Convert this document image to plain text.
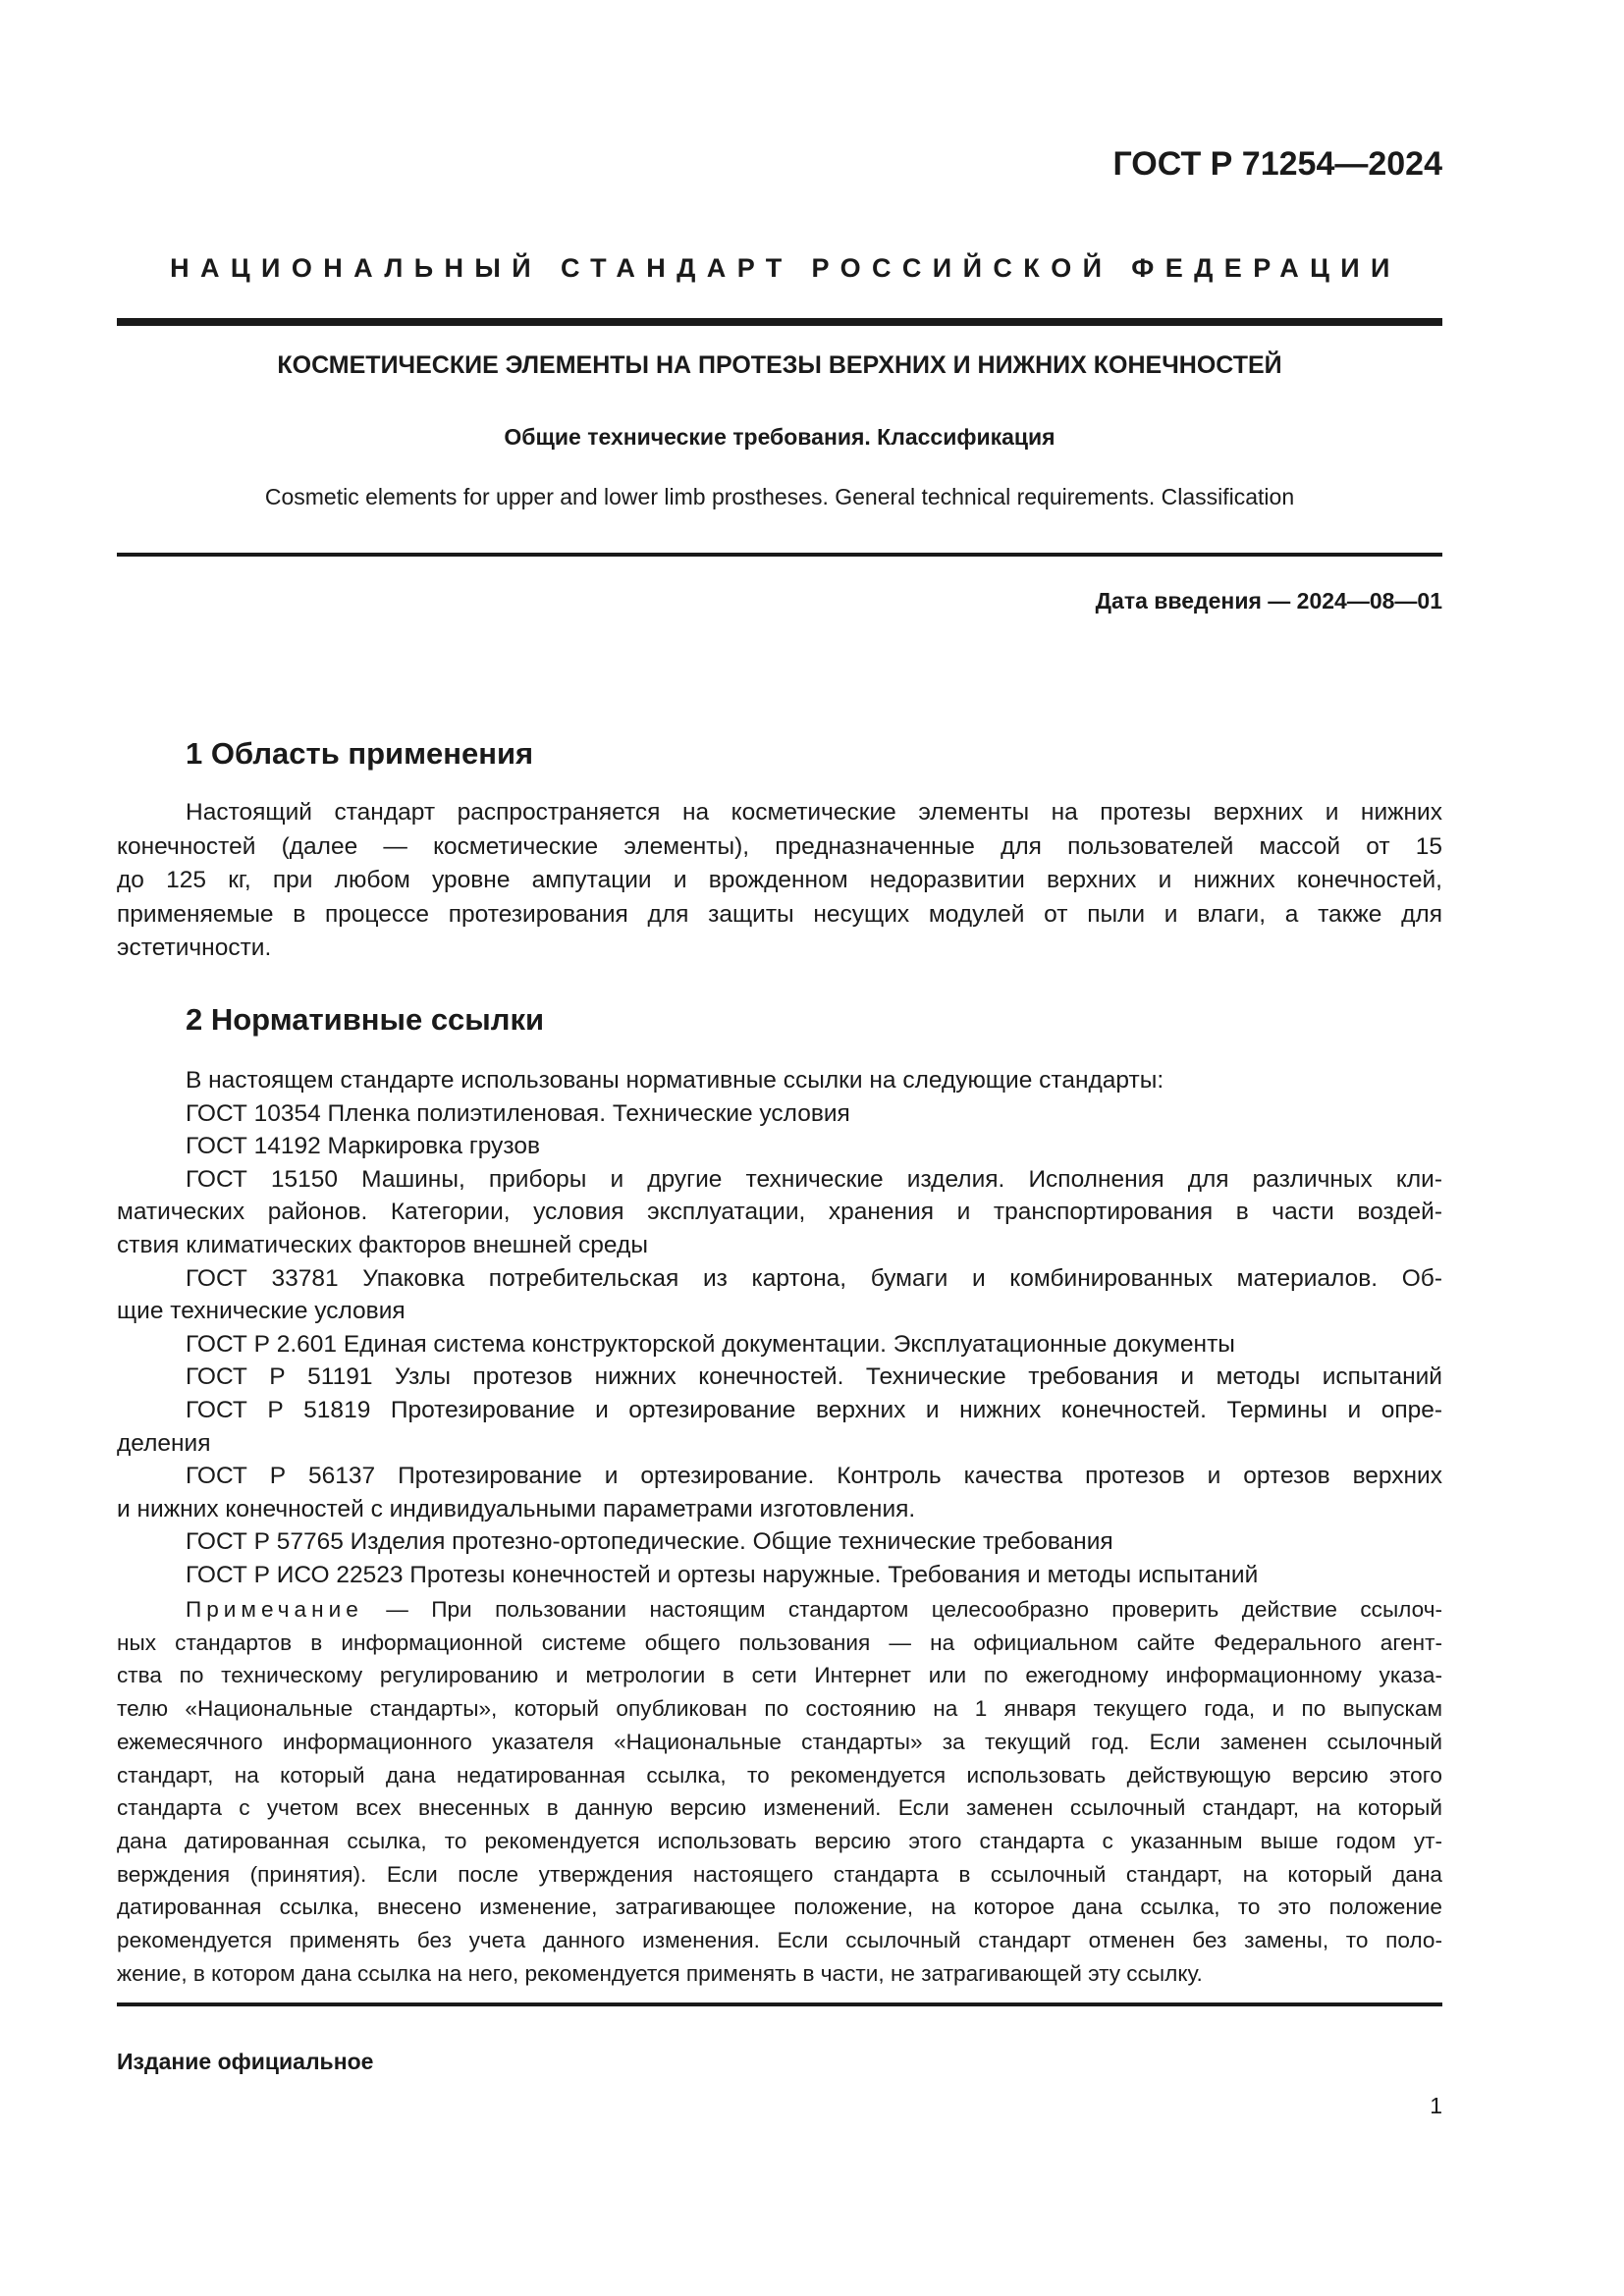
ГОСТ Р 71254—2024
НАЦИОНАЛЬНЫЙ СТАНДАРТ РОССИЙСКОЙ ФЕДЕРАЦИИ
КОСМЕТИЧЕСКИЕ ЭЛЕМЕНТЫ НА ПРОТЕЗЫ ВЕРХНИХ И НИЖНИХ КОНЕЧНОСТЕЙ
Общие технические требования. Классификация
Cosmetic elements for upper and lower limb prostheses. General technical requirements. Classification
Дата введения — 2024—08—01
1 Область применения
Настоящий стандарт распространяется на косметические элементы на протезы верхних и нижних
конечностей (далее — косметические элементы), предназначенные для пользователей массой от 15
до 125 кг, при любом уровне ампутации и врожденном недоразвитии верхних и нижних конечностей,
применяемые в процессе протезирования для защиты несущих модулей от пыли и влаги, а также для
эстетичности.
2 Нормативные ссылки
В настоящем стандарте использованы нормативные ссылки на следующие стандарты:
ГОСТ 10354 Пленка полиэтиленовая. Технические условия
ГОСТ 14192 Маркировка грузов
ГОСТ 15150 Машины, приборы и другие технические изделия. Исполнения для различных кли-
матических районов. Категории, условия эксплуатации, хранения и транспортирования в части воздей-
ствия климатических факторов внешней среды
ГОСТ 33781 Упаковка потребительская из картона, бумаги и комбинированных материалов. Об-
щие технические условия
ГОСТ Р 2.601 Единая система конструкторской документации. Эксплуатационные документы
ГОСТ Р 51191 Узлы протезов нижних конечностей. Технические требования и методы испытаний
ГОСТ Р 51819 Протезирование и ортезирование верхних и нижних конечностей. Термины и опре-
деления
ГОСТ Р 56137 Протезирование и ортезирование. Контроль качества протезов и ортезов верхних
и нижних конечностей с индивидуальными параметрами изготовления.
ГОСТ Р 57765 Изделия протезно-ортопедические. Общие технические требования
ГОСТ Р ИСО 22523 Протезы конечностей и ортезы наружные. Требования и методы испытаний
Примечание — При пользовании настоящим стандартом целесообразно проверить действие ссылоч-
ных стандартов в информационной системе общего пользования — на официальном сайте Федерального агент-
ства по техническому регулированию и метрологии в сети Интернет или по ежегодному информационному указа-
телю «Национальные стандарты», который опубликован по состоянию на 1 января текущего года, и по выпускам
ежемесячного информационного указателя «Национальные стандарты» за текущий год. Если заменен ссылочный
стандарт, на который дана недатированная ссылка, то рекомендуется использовать действующую версию этого
стандарта с учетом всех внесенных в данную версию изменений. Если заменен ссылочный стандарт, на который
дана датированная ссылка, то рекомендуется использовать версию этого стандарта с указанным выше годом ут-
верждения (принятия). Если после утверждения настоящего стандарта в ссылочный стандарт, на который дана
датированная ссылка, внесено изменение, затрагивающее положение, на которое дана ссылка, то это положение
рекомендуется применять без учета данного изменения. Если ссылочный стандарт отменен без замены, то поло-
жение, в котором дана ссылка на него, рекомендуется применять в части, не затрагивающей эту ссылку.
Издание официальное
1
